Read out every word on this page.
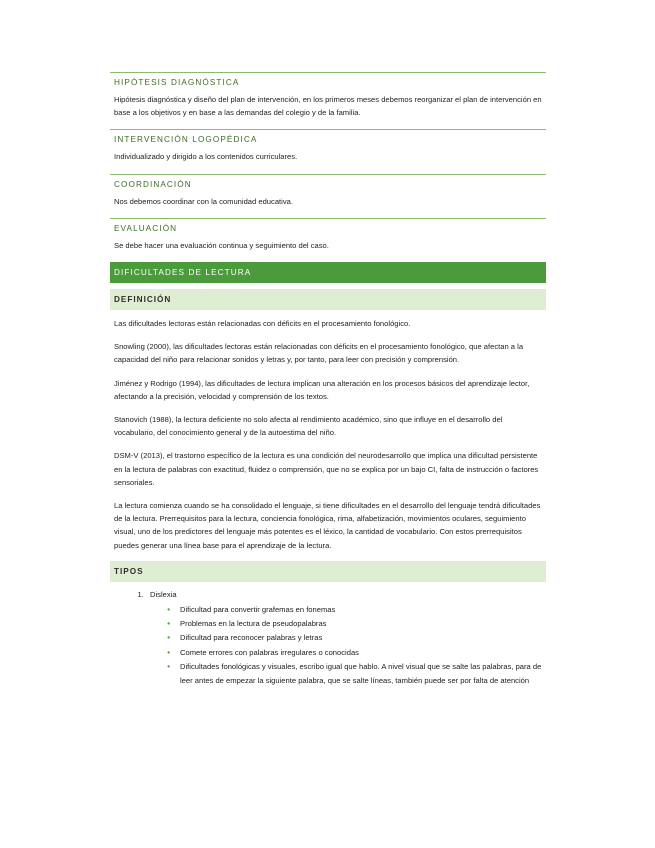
HIPÓTESIS DIAGNÓSTICA

Hipótesis diagnóstica y diseño del plan de intervención, en los primeros meses debemos reorganizar el plan de intervención en base a los objetivos y en base a las demandas del colegio y de la familia.

INTERVENCIÓN LOGOPÉDICA

Individualizado y dirigido a los contenidos curriculares.

COORDINACIÓN

Nos debemos coordinar con la comunidad educativa.

EVALUACIÓN

Se debe hacer una evaluación continua y seguimiento del caso.

DIFICULTADES DE LECTURA
DEFINICIÓN

Las dificultades lectoras están relacionadas con déficits en el procesamiento fonológico.

Snowling (2000), las dificultades lectoras están relacionadas con déficits en el procesamiento fonológico, que afectan a la capacidad del niño para relacionar sonidos y letras y, por tanto, para leer con precisión y comprensión.

Jiménez y Rodrigo (1994), las dificultades de lectura implican una alteración en los procesos básicos del aprendizaje lector, afectando a la precisión, velocidad y comprensión de los textos.

Stanovich (1988), la lectura deficiente no solo afecta al rendimiento académico, sino que influye en el desarrollo del vocabulario, del conocimiento general y de la autoestima del niño.

DSM-V (2013), el trastorno específico de la lectura es una condición del neurodesarrollo que implica una dificultad persistente en la lectura de palabras con exactitud, fluidez o comprensión, que no se explica por un bajo CI, falta de instrucción o factores sensoriales.

La lectura comienza cuando se ha consolidado el lenguaje, si tiene dificultades en el desarrollo del lenguaje tendrá dificultades de la lectura. Prerrequisitos para la lectura, conciencia fonológica, rima, alfabetización, movimientos oculares, seguimiento visual, uno de los predictores del lenguaje más potentes es el léxico, la cantidad de vocabulario. Con estos prerrequisitos puedes generar una línea base para el aprendizaje de la lectura.

TIPOS
1. Dislexia
● Dificultad para convertir grafemas en fonemas
● Problemas en la lectura de pseudopalabras
● Dificultad para reconocer palabras y letras
● Comete errores con palabras irregulares o conocidas
● Dificultades fonológicas y visuales, escribo igual que hablo. A nivel visual que se salte las palabras, para de leer antes de empezar la siguiente palabra, que se salte líneas, también puede ser por falta de atención
